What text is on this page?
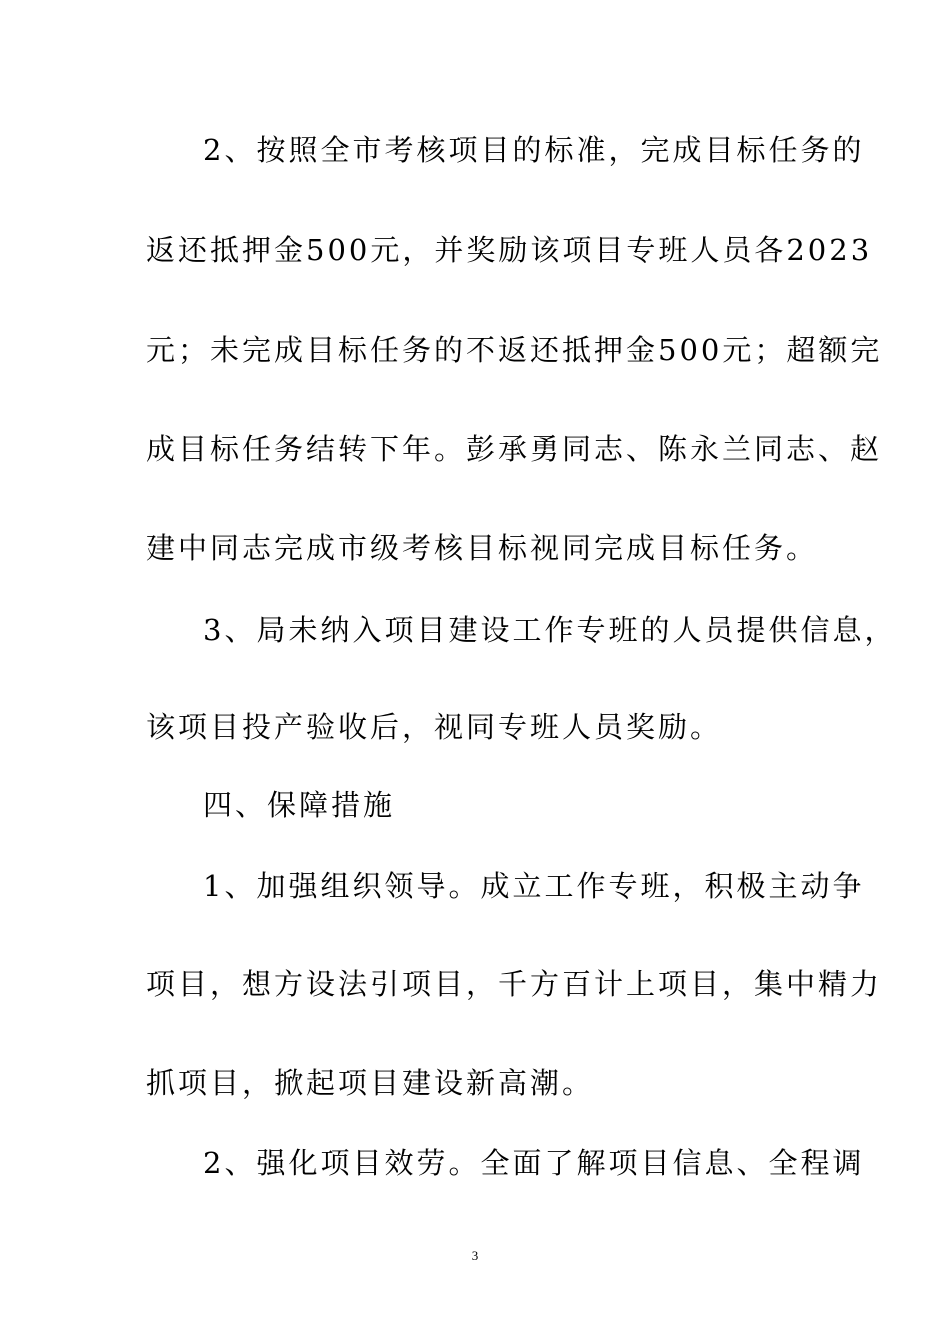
2、按照全市考核项目的标准，完成目标任务的
返还抵押金500元，并奖励该项目专班人员各2023
元；未完成目标任务的不返还抵押金500元；超额完
成目标任务结转下年。彭承勇同志、陈永兰同志、赵
建中同志完成市级考核目标视同完成目标任务。
3、局未纳入项目建设工作专班的人员提供信息，
该项目投产验收后，视同专班人员奖励。
四、保障措施
1、加强组织领导。成立工作专班，积极主动争
项目，想方设法引项目，千方百计上项目，集中精力
抓项目，掀起项目建设新高潮。
2、强化项目效劳。全面了解项目信息、全程调
3
